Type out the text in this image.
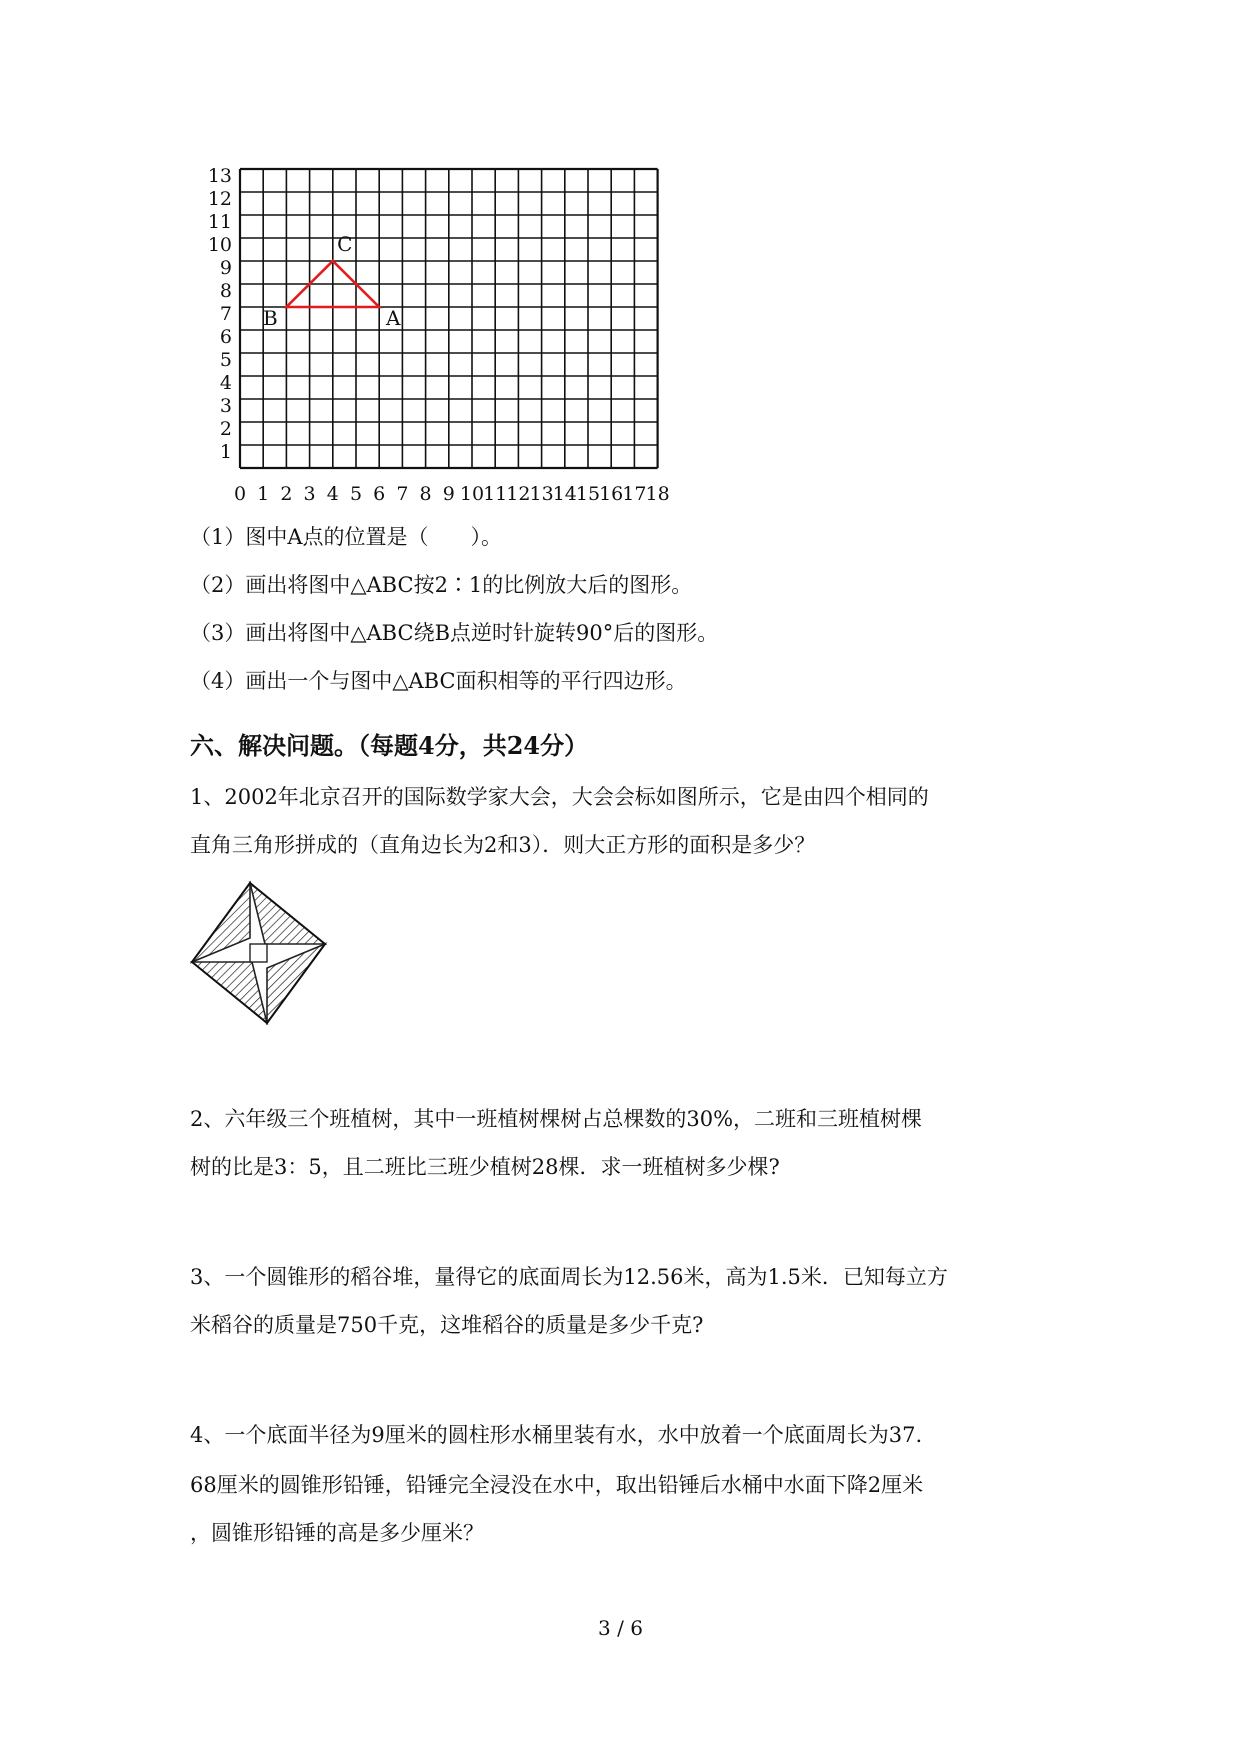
0 1 2 3 4 5 6 7 8 9 10 11 12 13 14 15 16 17 18
1
2
3
4
5
6
7
8
9
10
11
12
13
A
B
C
（1）图中A点的位置是（　　）。
（2）画出将图中△ABC按2∶1的比例放大后的图形。
（3）画出将图中△ABC绕B点逆时针旋转90°后的图形。
（4）画出一个与图中△ABC面积相等的平行四边形。
六、解决问题。（每题4分，共24分）
1、2002年北京召开的国际数学家大会，大会会标如图所示，它是由四个相同的
直角三角形拼成的（直角边长为2和3）．则大正方形的面积是多少？
2、六年级三个班植树，其中一班植树棵树占总棵数的30%，二班和三班植树棵
树的比是3：5，且二班比三班少植树28棵．求一班植树多少棵?
3、一个圆锥形的稻谷堆，量得它的底面周长为12.56米，高为1.5米．已知每立方
米稻谷的质量是750千克，这堆稻谷的质量是多少千克?
4、一个底面半径为9厘米的圆柱形水桶里装有水，水中放着一个底面周长为37.
68厘米的圆锥形铅锤，铅锤完全浸没在水中，取出铅锤后水桶中水面下降2厘米
，圆锥形铅锤的高是多少厘米？
3 / 6
